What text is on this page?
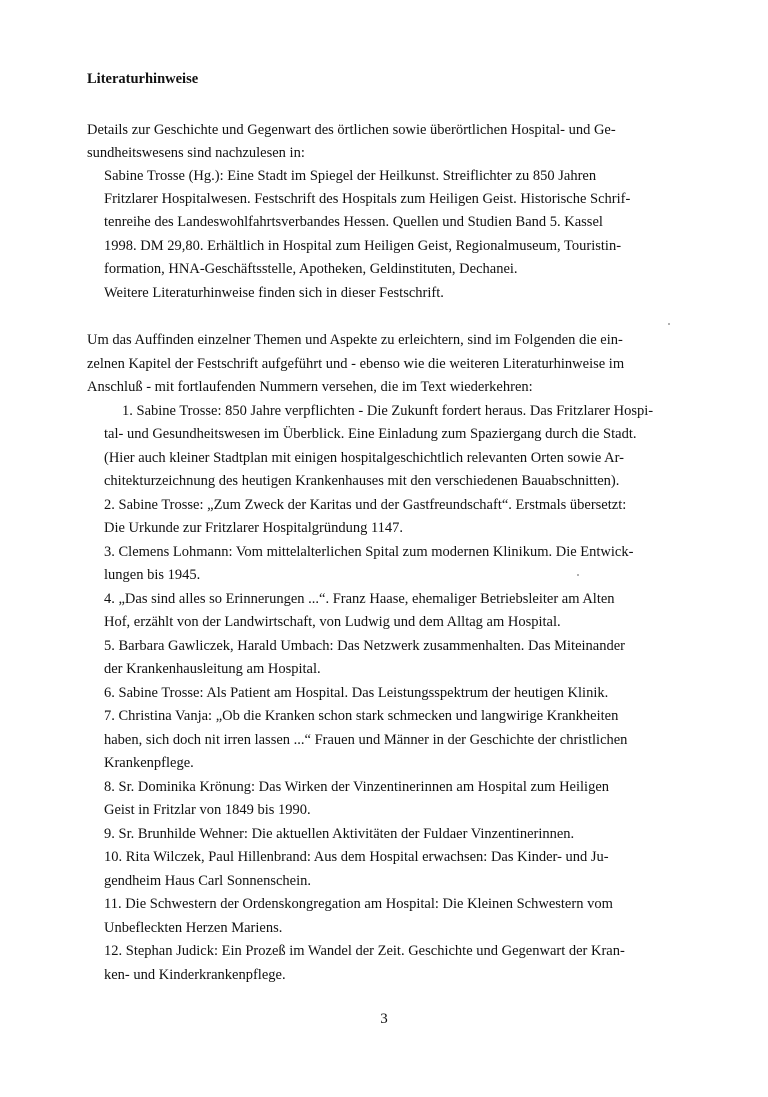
Literaturhinweise

Details zur Geschichte und Gegenwart des örtlichen sowie überörtlichen Hospital- und Ge-

sundheitswesens sind nachzulesen in:

Sabine Trosse (Hg.): Eine Stadt im Spiegel der Heilkunst. Streiflichter zu 850 Jahren

Fritzlarer Hospitalwesen. Festschrift des Hospitals zum Heiligen Geist. Historische Schrif-

tenreihe des Landeswohlfahrtsverbandes Hessen. Quellen und Studien Band 5. Kassel

1998. DM 29,80. Erhältlich in Hospital zum Heiligen Geist, Regionalmuseum, Touristin-

formation, HNA-Geschäftsstelle, Apotheken, Geldinstituten, Dechanei.

Weitere Literaturhinweise finden sich in dieser Festschrift.

Um das Auffinden einzelner Themen und Aspekte zu erleichtern, sind im Folgenden die ein-

zelnen Kapitel der Festschrift aufgeführt und - ebenso wie die weiteren Literaturhinweise im

Anschluß - mit fortlaufenden Nummern versehen, die im Text wiederkehren:

1. Sabine Trosse: 850 Jahre verpflichten - Die Zukunft fordert heraus. Das Fritzlarer Hospi-

tal- und Gesundheitswesen im Überblick. Eine Einladung zum Spaziergang durch die Stadt.

(Hier auch kleiner Stadtplan mit einigen hospitalgeschichtlich relevanten Orten sowie Ar-

chitekturzeichnung des heutigen Krankenhauses mit den verschiedenen Bauabschnitten).

2. Sabine Trosse: „Zum Zweck der Karitas und der Gastfreundschaft“. Erstmals übersetzt:

Die Urkunde zur Fritzlarer Hospitalgründung 1147.

3. Clemens Lohmann: Vom mittelalterlichen Spital zum modernen Klinikum. Die Entwick-

lungen bis 1945.

4. „Das sind alles so Erinnerungen ...“. Franz Haase, ehemaliger Betriebsleiter am Alten

Hof, erzählt von der Landwirtschaft, von Ludwig und dem Alltag am Hospital.

5. Barbara Gawliczek, Harald Umbach: Das Netzwerk zusammenhalten. Das Miteinander

der Krankenhausleitung am Hospital.

6. Sabine Trosse: Als Patient am Hospital. Das Leistungsspektrum der heutigen Klinik.

7. Christina Vanja: „Ob die Kranken schon stark schmecken und langwirige Krankheiten

haben, sich doch nit irren lassen ...“ Frauen und Männer in der Geschichte der christlichen

Krankenpflege.

8. Sr. Dominika Krönung: Das Wirken der Vinzentinerinnen am Hospital zum Heiligen

Geist in Fritzlar von 1849 bis 1990.

9. Sr. Brunhilde Wehner: Die aktuellen Aktivitäten der Fuldaer Vinzentinerinnen.

10. Rita Wilczek, Paul Hillenbrand: Aus dem Hospital erwachsen: Das Kinder- und Ju-

gendheim Haus Carl Sonnenschein.

11. Die Schwestern der Ordenskongregation am Hospital: Die Kleinen Schwestern vom

Unbefleckten Herzen Mariens.

12. Stephan Judick: Ein Prozeß im Wandel der Zeit. Geschichte und Gegenwart der Kran-

ken- und Kinderkrankenpflege.

3
